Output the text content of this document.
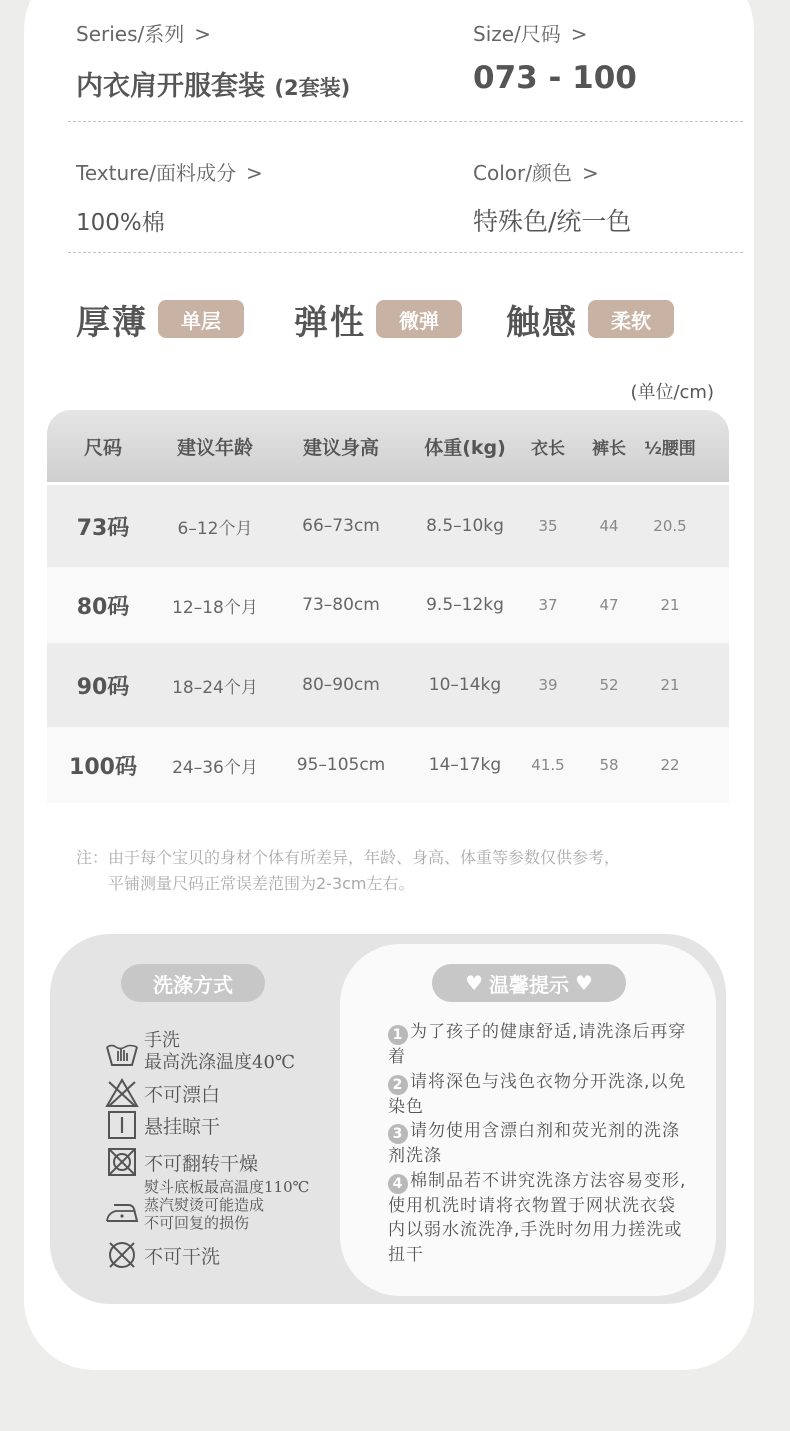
Series/系列 >
内衣肩开服套装 (2套装)
Size/尺码 >
073 - 100
Texture/面料成分 >
100%棉
Color/颜色 >
特殊色/统一色
厚薄	单层	弹性	微弹	触感	柔软
(单位/cm)
尺码	建议年龄	建议身高	体重(kg)	衣长	裤长	½腰围
73码	6–12个月	66–73cm	8.5–10kg	35	44	20.5
80码	12–18个月	73–80cm	9.5–12kg	37	47	21
90码	18–24个月	80–90cm	10–14kg	39	52	21
100码	24–36个月	95–105cm	14–17kg	41.5	58	22
注：由于每个宝贝的身材个体有所差异，年龄、身高、体重等参数仅供参考，
平铺测量尺码正常误差范围为2-3cm左右。
洗涤方式	♥ 温馨提示 ♥
手洗
最高洗涤温度40℃
不可漂白
悬挂晾干
不可翻转干燥
熨斗底板最高温度110℃
蒸汽熨烫可能造成
不可回复的损伤
不可干洗
1 为了孩子的健康舒适,请洗涤后再穿着
2 请将深色与浅色衣物分开洗涤,以免染色
3 请勿使用含漂白剂和荧光剂的洗涤剂洗涤
4 棉制品若不讲究洗涤方法容易变形, 使用机洗时请将衣物置于网状洗衣袋内以弱水流洗净,手洗时勿用力搓洗或扭干
